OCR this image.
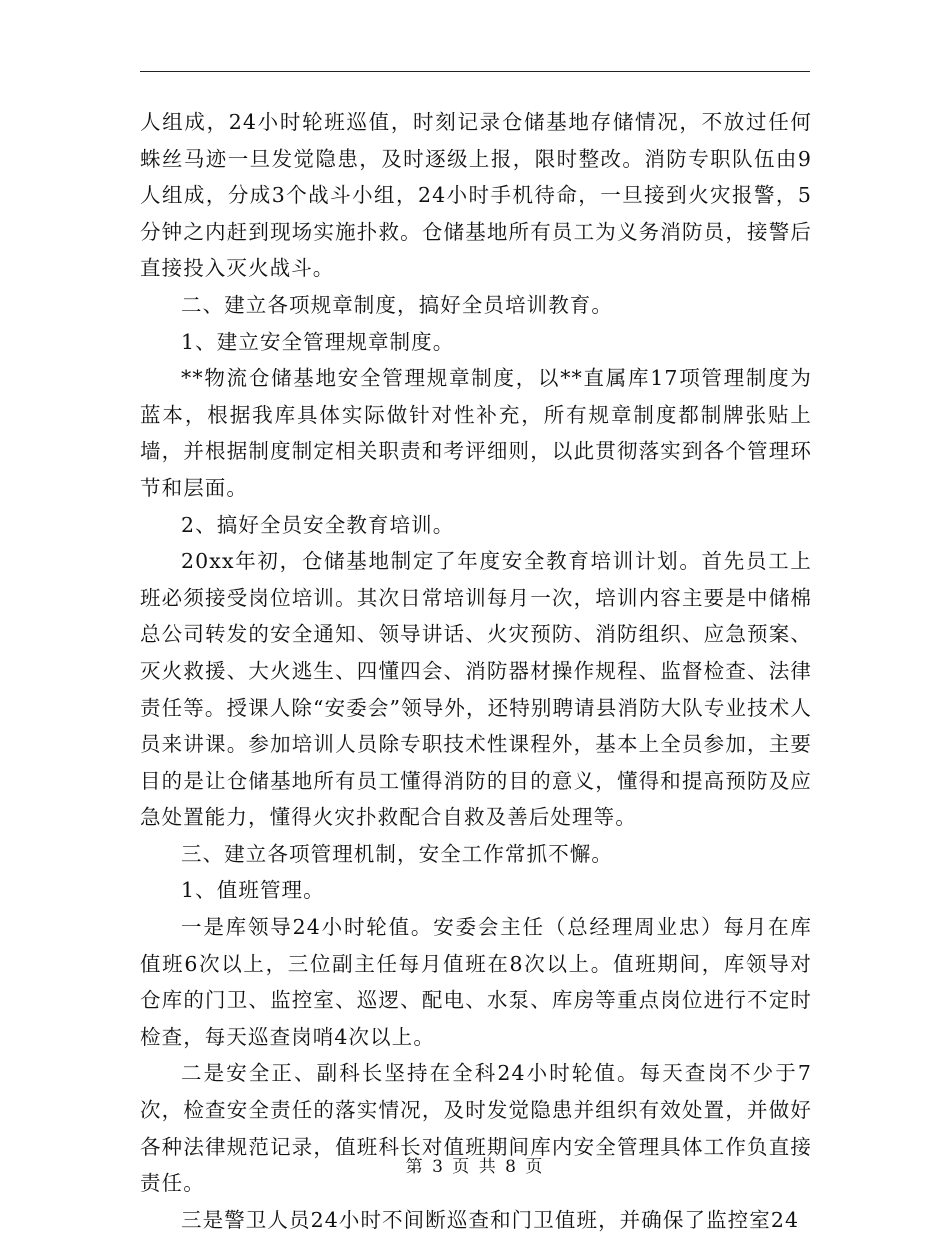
人组成，24小时轮班巡值，时刻记录仓储基地存储情况，不放过任何蛛丝马迹一旦发觉隐患，及时逐级上报，限时整改。消防专职队伍由9人组成，分成3个战斗小组，24小时手机待命，一旦接到火灾报警，5分钟之内赶到现场实施扑救。仓储基地所有员工为义务消防员，接警后直接投入灭火战斗。

二、建立各项规章制度，搞好全员培训教育。

1、建立安全管理规章制度。

**物流仓储基地安全管理规章制度，以**直属库17项管理制度为蓝本，根据我库具体实际做针对性补充，所有规章制度都制牌张贴上墙，并根据制度制定相关职责和考评细则，以此贯彻落实到各个管理环节和层面。

2、搞好全员安全教育培训。

20xx年初，仓储基地制定了年度安全教育培训计划。首先员工上班必须接受岗位培训。其次日常培训每月一次，培训内容主要是中储棉总公司转发的安全通知、领导讲话、火灾预防、消防组织、应急预案、灭火救援、大火逃生、四懂四会、消防器材操作规程、监督检查、法律责任等。授课人除“安委会”领导外，还特别聘请县消防大队专业技术人员来讲课。参加培训人员除专职技术性课程外，基本上全员参加，主要目的是让仓储基地所有员工懂得消防的目的意义，懂得和提高预防及应急处置能力，懂得火灾扑救配合自救及善后处理等。

三、建立各项管理机制，安全工作常抓不懈。

1、值班管理。

一是库领导24小时轮值。安委会主任（总经理周业忠）每月在库值班6次以上，三位副主任每月值班在8次以上。值班期间，库领导对仓库的门卫、监控室、巡逻、配电、水泵、库房等重点岗位进行不定时检查，每天巡查岗哨4次以上。

二是安全正、副科长坚持在全科24小时轮值。每天查岗不少于7次，检查安全责任的落实情况，及时发觉隐患并组织有效处置，并做好各种法律规范记录，值班科长对值班期间库内安全管理具体工作负直接责任。

三是警卫人员24小时不间断巡查和门卫值班，并确保了监控室24

第 3 页 共 8 页
